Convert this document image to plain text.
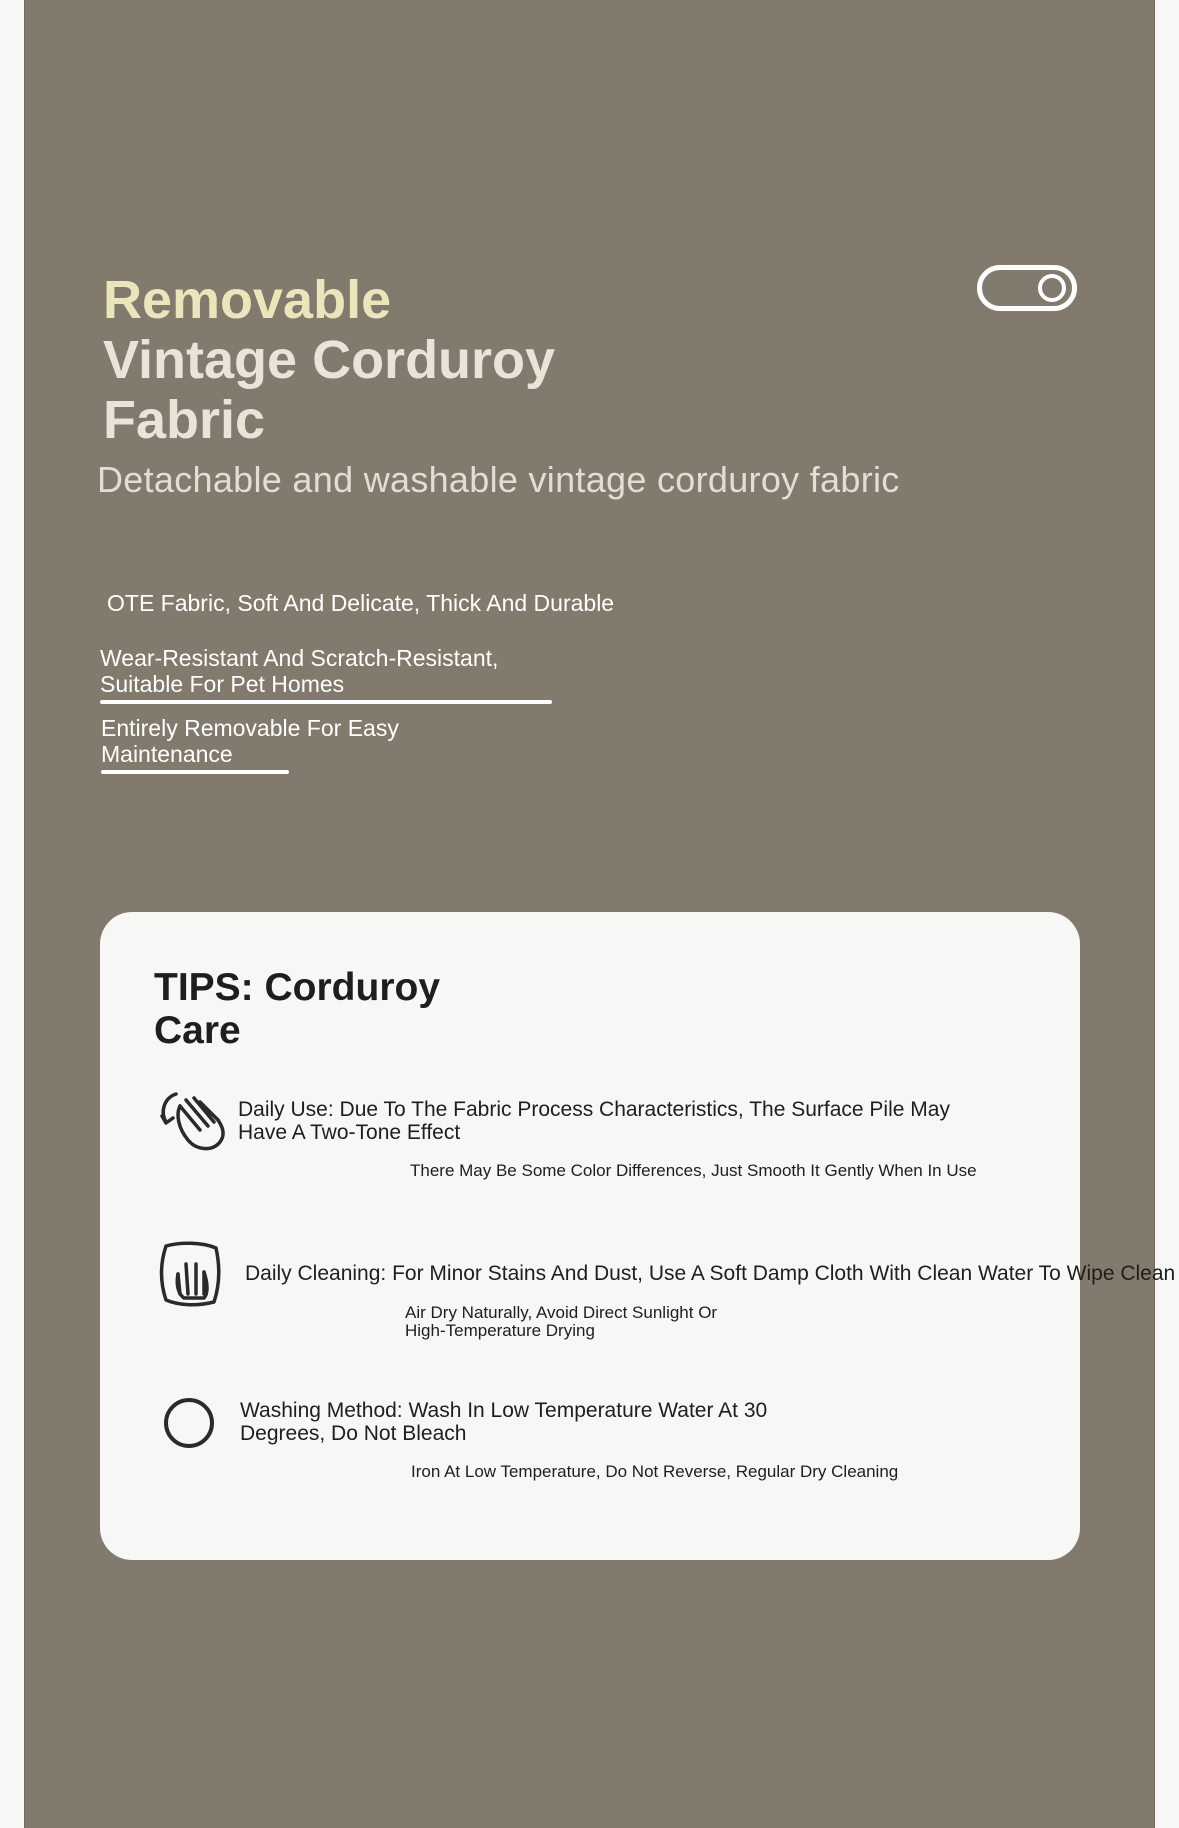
Removable
Vintage Corduroy
Fabric
Detachable and washable vintage corduroy fabric
OTE Fabric, Soft And Delicate, Thick And Durable
Wear-Resistant And Scratch-Resistant, Suitable For Pet Homes
Entirely Removable For Easy Maintenance
TIPS: Corduroy Care
Daily Use: Due To The Fabric Process Characteristics, The Surface Pile May Have A Two-Tone Effect
There May Be Some Color Differences, Just Smooth It Gently When In Use
Daily Cleaning: For Minor Stains And Dust, Use A Soft Damp Cloth With Clean Water To Wipe Clean
Air Dry Naturally, Avoid Direct Sunlight Or High-Temperature Drying
Washing Method: Wash In Low Temperature Water At 30 Degrees, Do Not Bleach
Iron At Low Temperature, Do Not Reverse, Regular Dry Cleaning
